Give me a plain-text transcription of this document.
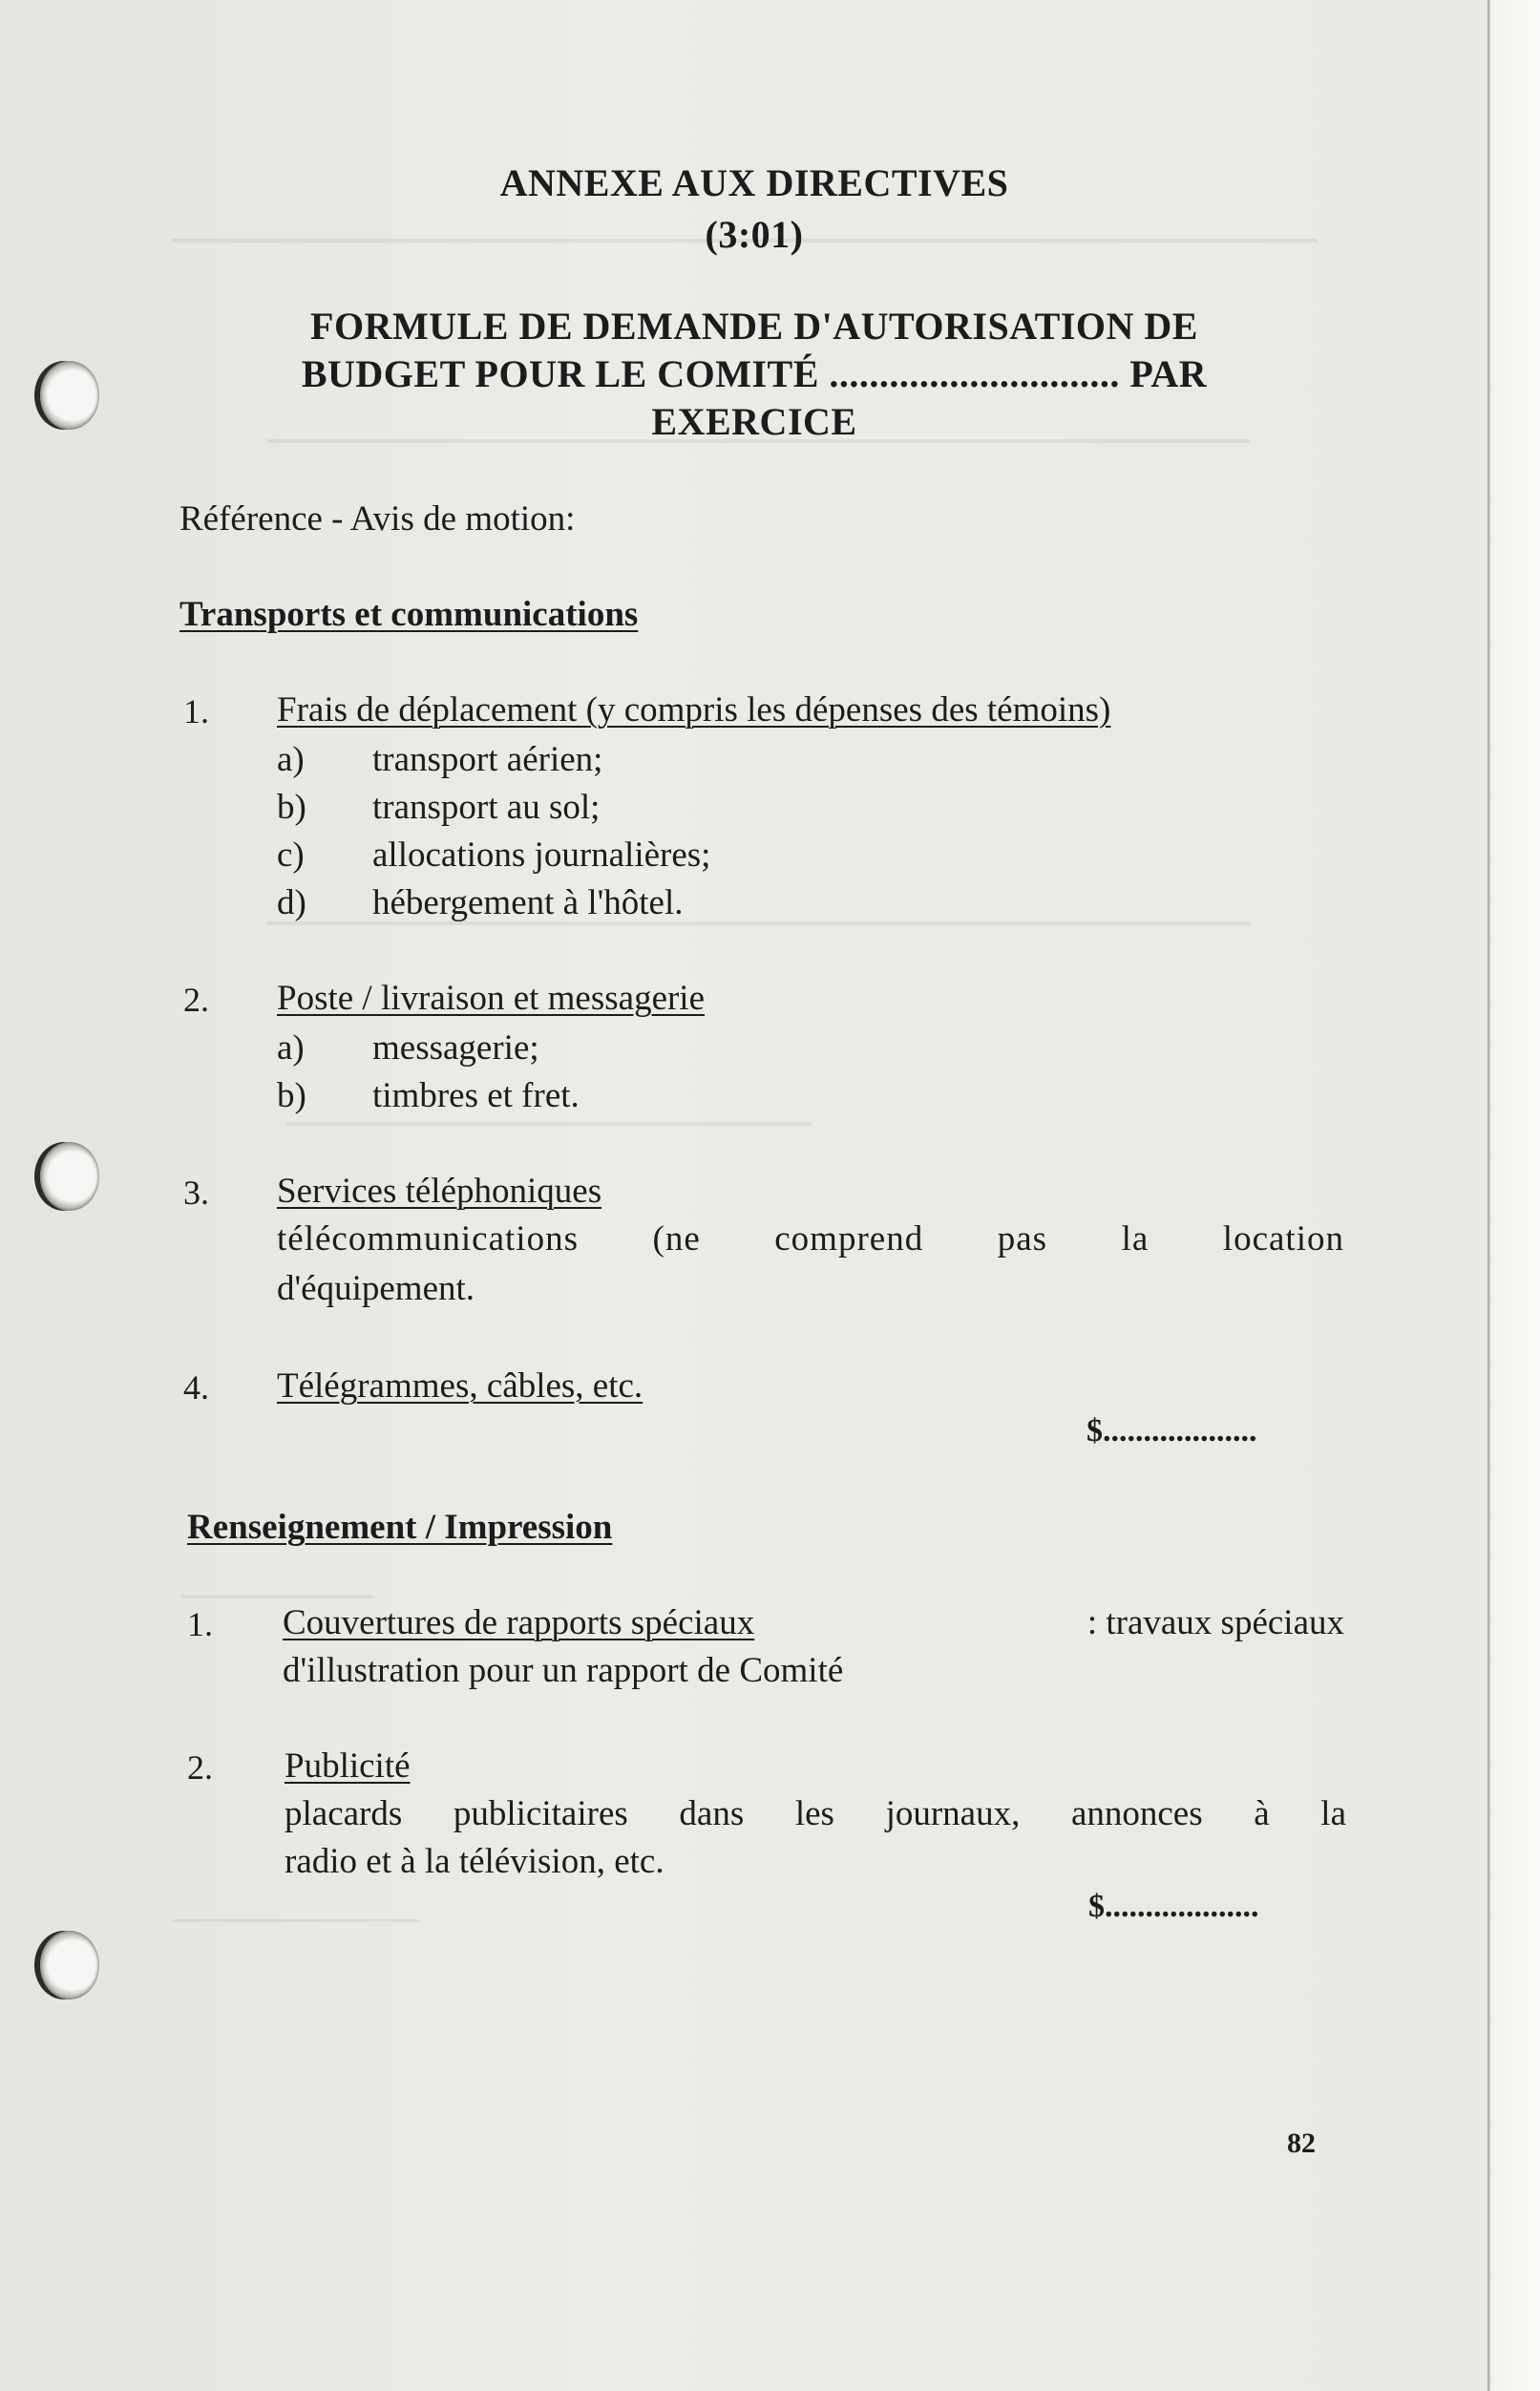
ANNEXE AUX DIRECTIVES
(3:01)
FORMULE DE DEMANDE D'AUTORISATION DE
BUDGET POUR LE COMITÉ ............................. PAR
EXERCICE
Référence - Avis de motion:
Transports et communications
1. Frais de déplacement (y compris les dépenses des témoins)
a) transport aérien;
b) transport au sol;
c) allocations journalières;
d) hébergement à l'hôtel.
2. Poste / livraison et messagerie
a) messagerie;
b) timbres et fret.
3. Services téléphoniques
télécommunications (ne comprend pas la location
d'équipement.
4. Télégrammes, câbles, etc.
$...................
Renseignement / Impression
1. Couvertures de rapports spéciaux	: travaux spéciaux
d'illustration pour un rapport de Comité
2. Publicité
placards publicitaires dans les journaux, annonces à la
radio et à la télévision, etc.
$...................
82
